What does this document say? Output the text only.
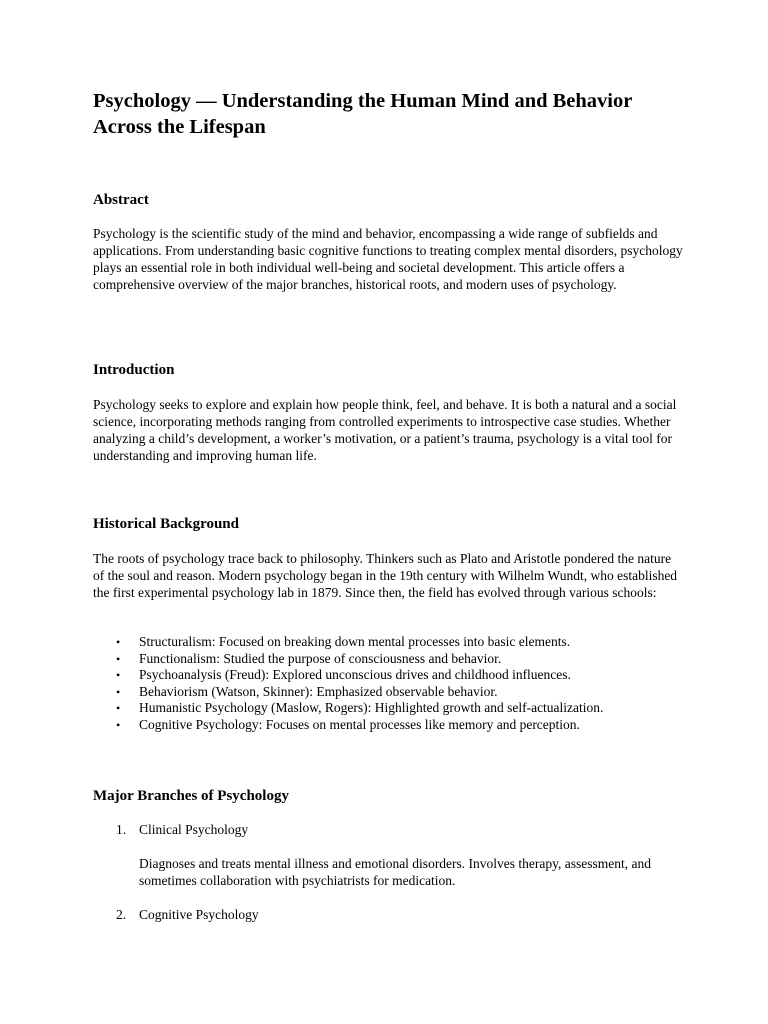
Psychology — Understanding the Human Mind and Behavior Across the Lifespan
Abstract

Psychology is the scientific study of the mind and behavior, encompassing a wide range of subfields and applications. From understanding basic cognitive functions to treating complex mental disorders, psychology plays an essential role in both individual well-being and societal development. This article offers a comprehensive overview of the major branches, historical roots, and modern uses of psychology.

Introduction

Psychology seeks to explore and explain how people think, feel, and behave. It is both a natural and a social science, incorporating methods ranging from controlled experiments to introspective case studies. Whether analyzing a child’s development, a worker’s motivation, or a patient’s trauma, psychology is a vital tool for understanding and improving human life.

Historical Background

The roots of psychology trace back to philosophy. Thinkers such as Plato and Aristotle pondered the nature of the soul and reason. Modern psychology began in the 19th century with Wilhelm Wundt, who established the first experimental psychology lab in 1879. Since then, the field has evolved through various schools:

• Structuralism: Focused on breaking down mental processes into basic elements.
• Functionalism: Studied the purpose of consciousness and behavior.
• Psychoanalysis (Freud): Explored unconscious drives and childhood influences.
• Behaviorism (Watson, Skinner): Emphasized observable behavior.
• Humanistic Psychology (Maslow, Rogers): Highlighted growth and self-actualization.
• Cognitive Psychology: Focuses on mental processes like memory and perception.
Major Branches of Psychology
1. Clinical Psychology

Diagnoses and treats mental illness and emotional disorders. Involves therapy, assessment, and sometimes collaboration with psychiatrists for medication.

2. Cognitive Psychology
